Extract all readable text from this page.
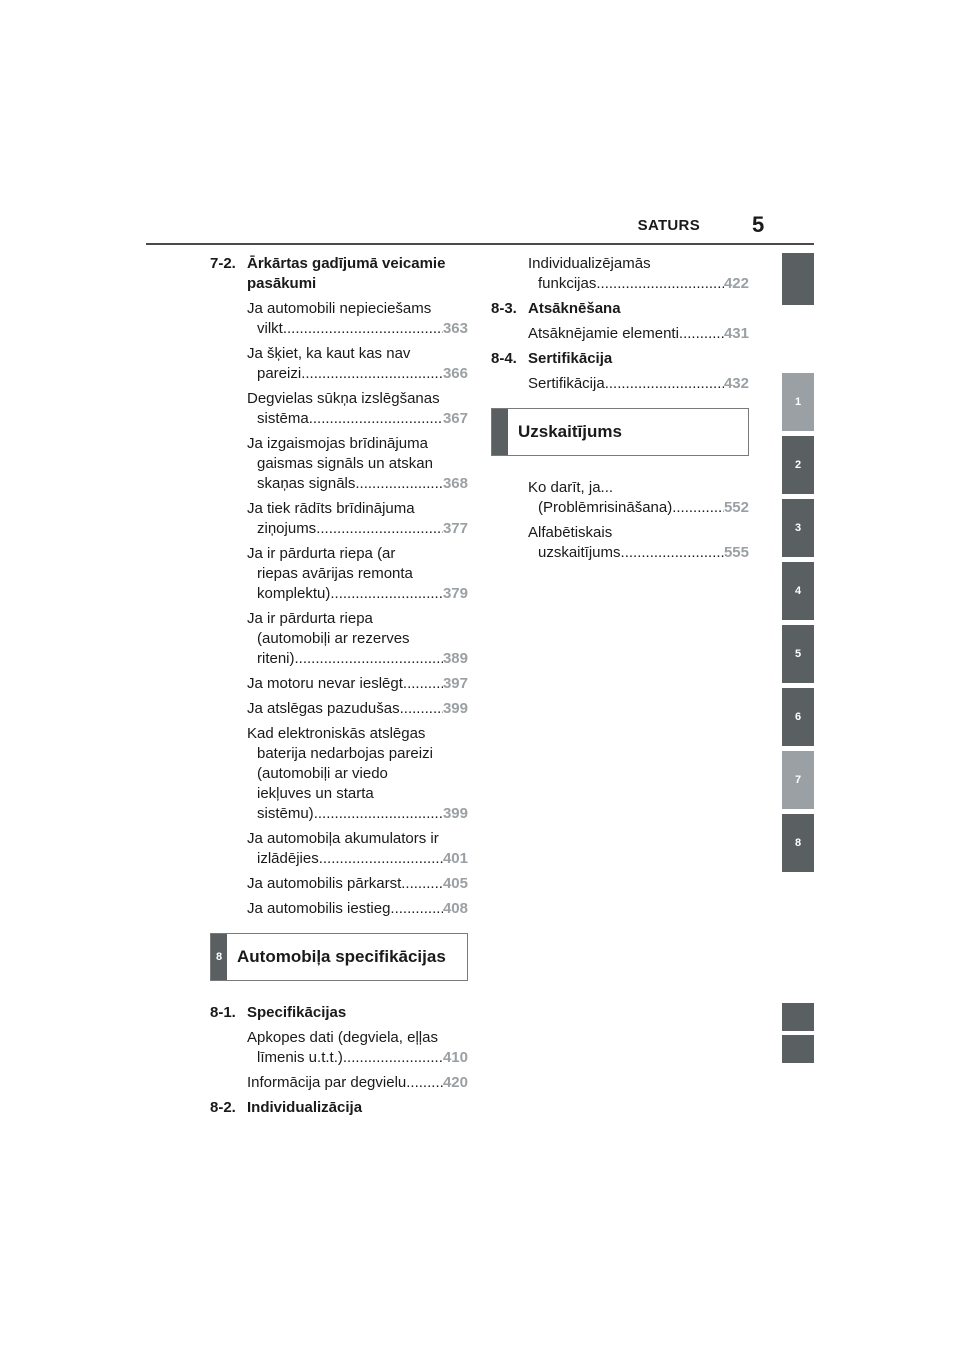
SATURS 5
1
2
3
4
5
6
7
8
7-2. Ārkārtas gadījumā veicamie
pasākumi
Ja automobili nepieciešams
vilkt .....	363
Ja šķiet, ka kaut kas nav
pareizi .....	366
Degvielas sūkņa izslēgšanas
sistēma .....	367
Ja izgaismojas brīdinājuma
gaismas signāls un atskan
skaņas signāls .....	368
Ja tiek rādīts brīdinājuma
ziņojums .....	377
Ja ir pārdurta riepa (ar
riepas avārijas remonta
komplektu) .....	379
Ja ir pārdurta riepa
(automobiļi ar rezerves
riteni) .....	389
Ja motoru nevar ieslēgt .....	397
Ja atslēgas pazudušas .....	399
Kad elektroniskās atslēgas
baterija nedarbojas pareizi
(automobiļi ar viedo
iekļuves un starta
sistēmu) .....	399
Ja automobiļa akumulators ir
izlādējies .....	401
Ja automobilis pārkarst .....	405
Ja automobilis iestieg .....	408
8 Automobiļa specifikācijas
8-1. Specifikācijas
Apkopes dati (degviela, eļļas
līmenis u.t.t.) .....	410
Informācija par degvielu ..... 420
8-2. Individualizācija
Individualizējamās
funkcijas .....	422
8-3. Atsāknēšana
Atsāknējamie elementi .....	431
8-4. Sertifikācija
Sertifikācija .....	432
Uzskaitījums
Ko darīt, ja...
(Problēmrisināšana) .....	552
Alfabētiskais
uzskaitījums .....	555
